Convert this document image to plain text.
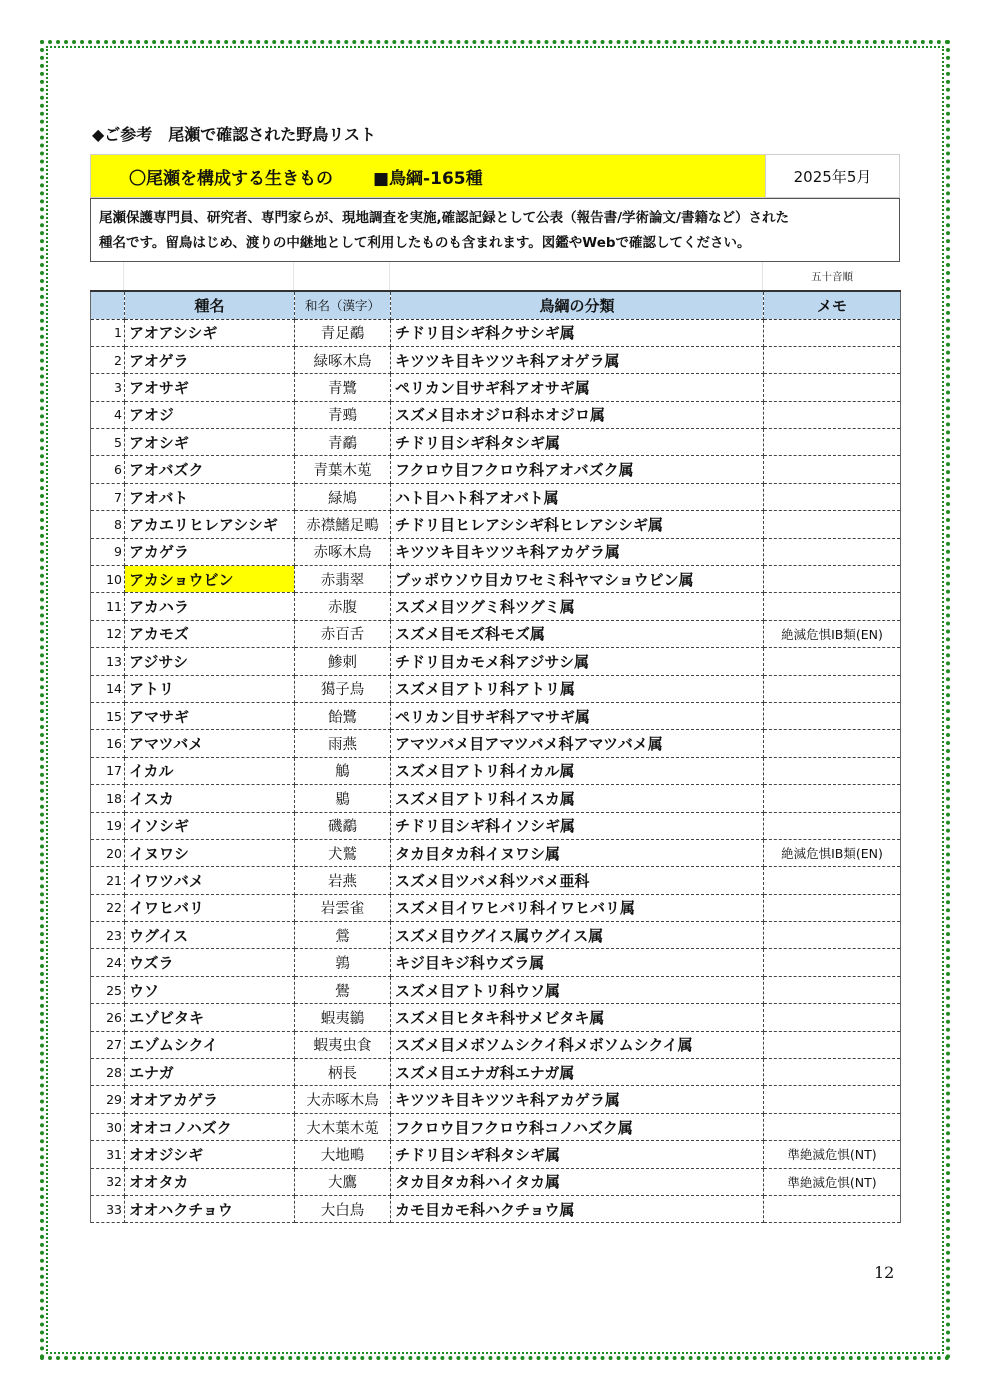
◆ご参考　尾瀬で確認された野鳥リスト
〇尾瀬を構成する生きもの ■鳥綱-165種	2025年5月
尾瀬保護専門員、研究者、専門家らが、現地調査を実施,確認記録として公表（報告書/学術論文/書籍など）された
種名です。留鳥はじめ、渡りの中継地として利用したものも含まれます。図鑑やWebで確認してください。
五十音順
	種名	和名（漢字）	鳥綱の分類	メモ
1	アオアシシギ	青足鷸	チドリ目シギ科クサシギ属	
2	アオゲラ	緑啄木鳥	キツツキ目キツツキ科アオゲラ属	
3	アオサギ	青鷺	ペリカン目サギ科アオサギ属	
4	アオジ	青鵐	スズメ目ホオジロ科ホオジロ属	
5	アオシギ	青鷸	チドリ目シギ科タシギ属	
6	アオバズク	青葉木莵	フクロウ目フクロウ科アオバズク属	
7	アオバト	緑鳩	ハト目ハト科アオバト属	
8	アカエリヒレアシシギ	赤襟鰭足鴫	チドリ目ヒレアシシギ科ヒレアシシギ属	
9	アカゲラ	赤啄木鳥	キツツキ目キツツキ科アカゲラ属	
10	アカショウビン	赤翡翠	ブッポウソウ目カワセミ科ヤマショウビン属	
11	アカハラ	赤腹	スズメ目ツグミ科ツグミ属	
12	アカモズ	赤百舌	スズメ目モズ科モズ属	絶滅危惧ⅠB類(EN)
13	アジサシ	鯵刺	チドリ目カモメ科アジサシ属	
14	アトリ	獦子鳥	スズメ目アトリ科アトリ属	
15	アマサギ	飴鷺	ペリカン目サギ科アマサギ属	
16	アマツバメ	雨燕	アマツバメ目アマツバメ科アマツバメ属	
17	イカル	鵤	スズメ目アトリ科イカル属	
18	イスカ	鶍	スズメ目アトリ科イスカ属	
19	イソシギ	磯鷸	チドリ目シギ科イソシギ属	
20	イヌワシ	犬鷲	タカ目タカ科イヌワシ属	絶滅危惧ⅠB類(EN)
21	イワツバメ	岩燕	スズメ目ツバメ科ツバメ亜科	
22	イワヒバリ	岩雲雀	スズメ目イワヒバリ科イワヒバリ属	
23	ウグイス	鶯	スズメ目ウグイス属ウグイス属	
24	ウズラ	鶉	キジ目キジ科ウズラ属	
25	ウソ	鷽	スズメ目アトリ科ウソ属	
26	エゾビタキ	蝦夷鶲	スズメ目ヒタキ科サメビタキ属	
27	エゾムシクイ	蝦夷虫食	スズメ目メボソムシクイ科メボソムシクイ属	
28	エナガ	柄長	スズメ目エナガ科エナガ属	
29	オオアカゲラ	大赤啄木鳥	キツツキ目キツツキ科アカゲラ属	
30	オオコノハズク	大木葉木莵	フクロウ目フクロウ科コノハズク属	
31	オオジシギ	大地鴫	チドリ目シギ科タシギ属	準絶滅危惧(NT)
32	オオタカ	大鷹	タカ目タカ科ハイタカ属	準絶滅危惧(NT)
33	オオハクチョウ	大白鳥	カモ目カモ科ハクチョウ属	
12
